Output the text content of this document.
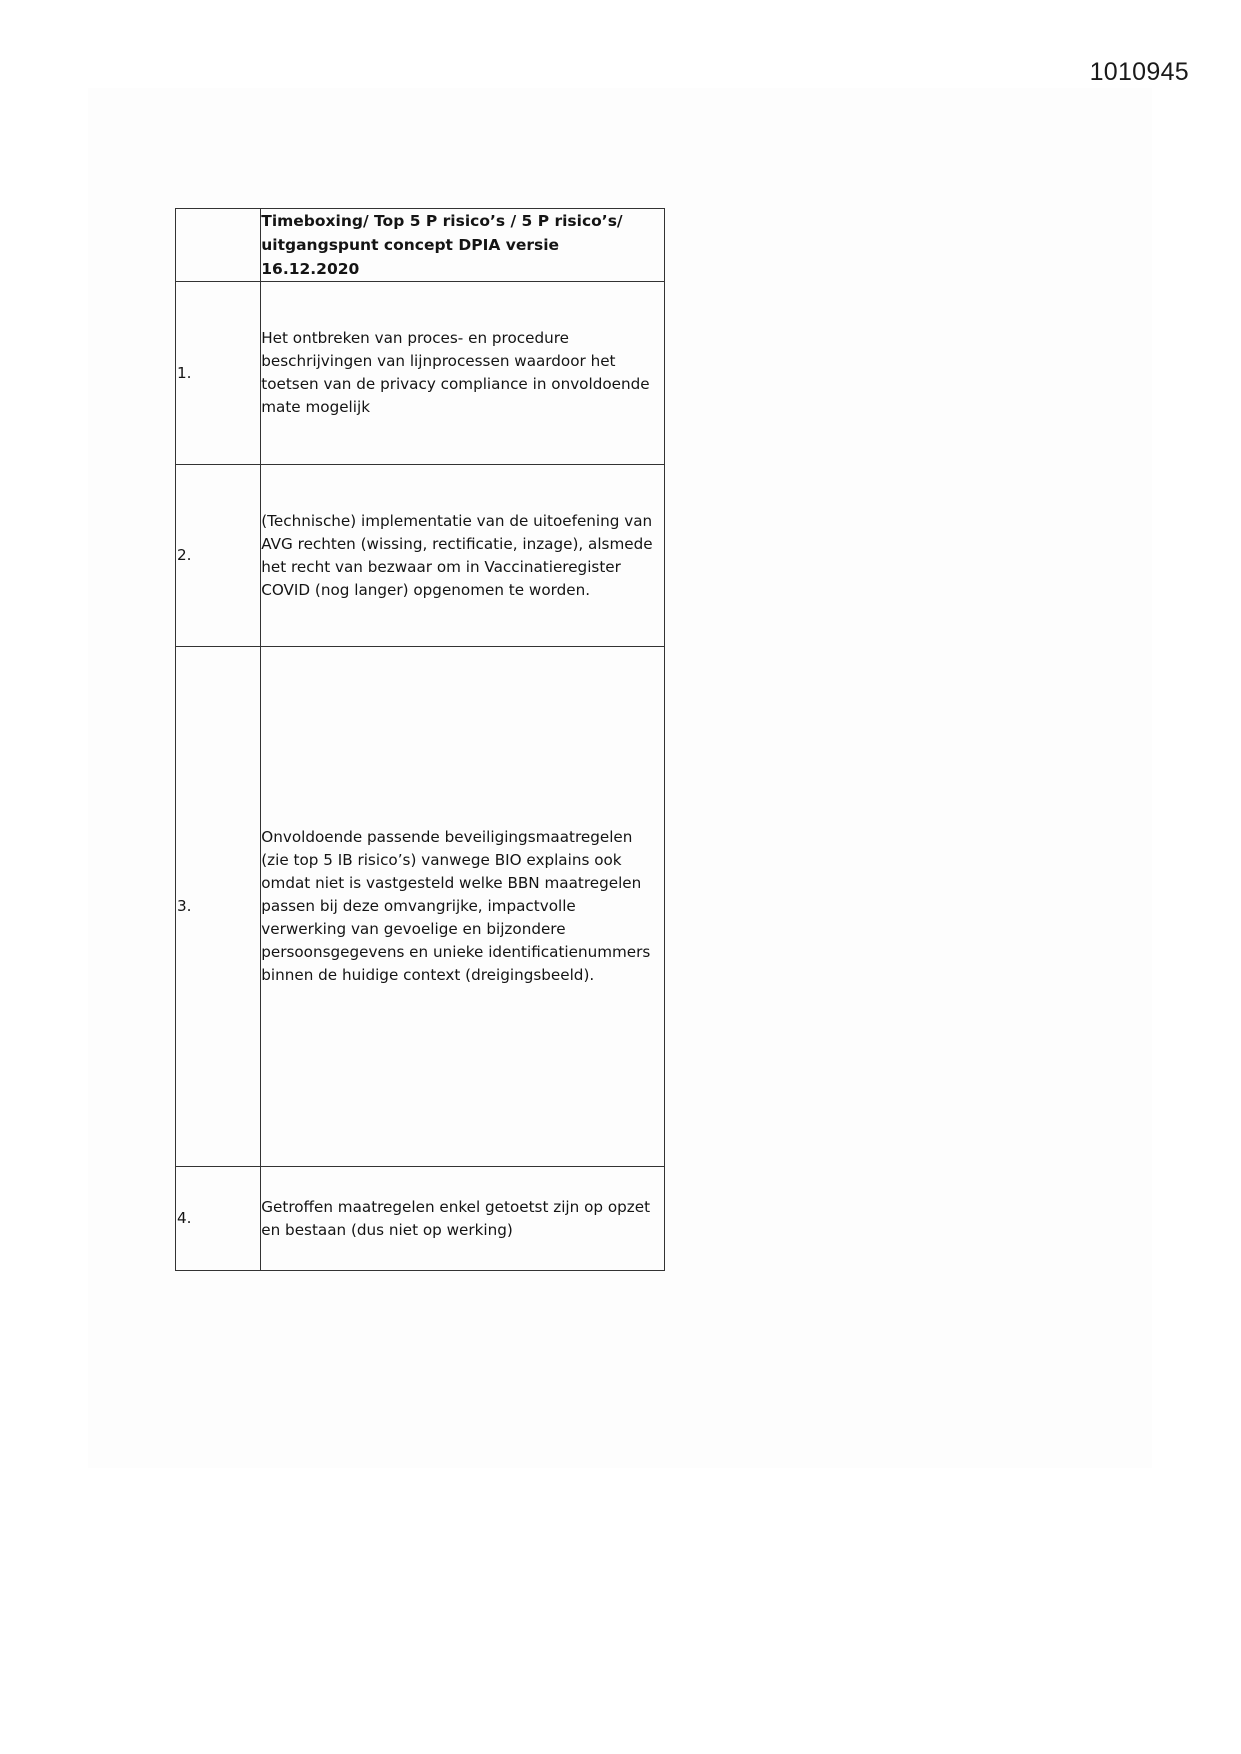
1010945

	Timeboxing/ Top 5 P risico’s / 5 P risico’s/
uitgangspunt concept DPIA versie 16.12.2020

1.	Het ontbreken van proces- en procedure beschrijvingen van lijnprocessen waardoor het toetsen van de privacy compliance in onvoldoende mate mogelijk

2.	(Technische) implementatie van de uitoefening van AVG rechten (wissing, rectificatie, inzage), alsmede het recht van bezwaar om in Vaccinatieregister COVID (nog langer) opgenomen te worden.

3.	Onvoldoende passende beveiligingsmaatregelen (zie top 5 IB risico’s) vanwege BIO explains ook omdat niet is vastgesteld welke BBN maatregelen passen bij deze omvangrijke, impactvolle verwerking van gevoelige en bijzondere persoonsgegevens en unieke identificatienummers binnen de huidige context (dreigingsbeeld).

4.	Getroffen maatregelen enkel getoetst zijn op opzet en bestaan (dus niet op werking)
